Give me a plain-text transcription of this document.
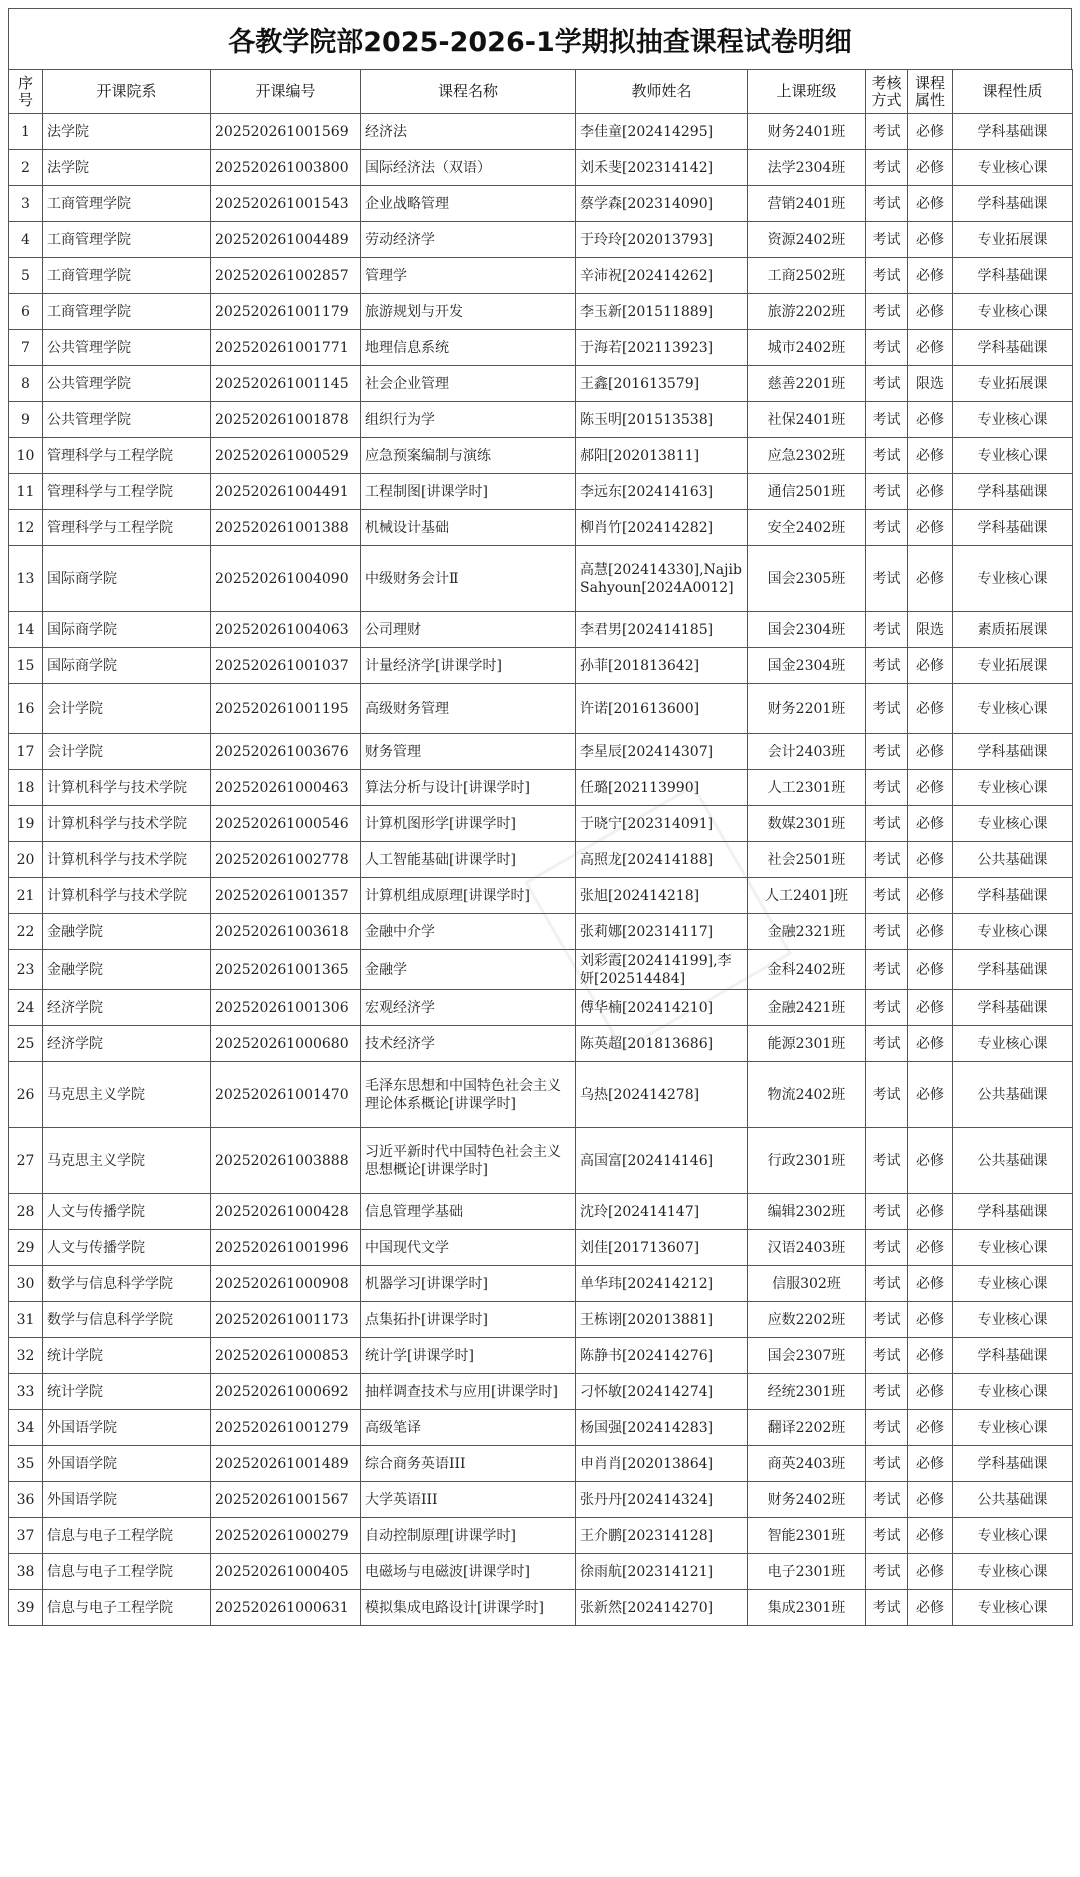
各教学院部2025-2026-1学期拟抽查课程试卷明细
序号	开课院系	开课编号	课程名称	教师姓名	上课班级	考核方式	课程属性	课程性质
1	法学院	202520261001569	经济法	李佳童[202414295]	财务2401班	考试	必修	学科基础课
2	法学院	202520261003800	国际经济法（双语）	刘禾斐[202314142]	法学2304班	考试	必修	专业核心课
3	工商管理学院	202520261001543	企业战略管理	蔡学森[202314090]	营销2401班	考试	必修	学科基础课
4	工商管理学院	202520261004489	劳动经济学	于玲玲[202013793]	资源2402班	考试	必修	专业拓展课
5	工商管理学院	202520261002857	管理学	辛沛祝[202414262]	工商2502班	考试	必修	学科基础课
6	工商管理学院	202520261001179	旅游规划与开发	李玉新[201511889]	旅游2202班	考试	必修	专业核心课
7	公共管理学院	202520261001771	地理信息系统	于海若[202113923]	城市2402班	考试	必修	学科基础课
8	公共管理学院	202520261001145	社会企业管理	王鑫[201613579]	慈善2201班	考试	限选	专业拓展课
9	公共管理学院	202520261001878	组织行为学	陈玉明[201513538]	社保2401班	考试	必修	专业核心课
10	管理科学与工程学院	202520261000529	应急预案编制与演练	郝阳[202013811]	应急2302班	考试	必修	专业核心课
11	管理科学与工程学院	202520261004491	工程制图[讲课学时]	李远东[202414163]	通信2501班	考试	必修	学科基础课
12	管理科学与工程学院	202520261001388	机械设计基础	柳肖竹[202414282]	安全2402班	考试	必修	学科基础课
13	国际商学院	202520261004090	中级财务会计Ⅱ	高慧[202414330],Najib Sahyoun[2024A0012]	国会2305班	考试	必修	专业核心课
14	国际商学院	202520261004063	公司理财	李君男[202414185]	国会2304班	考试	限选	素质拓展课
15	国际商学院	202520261001037	计量经济学[讲课学时]	孙菲[201813642]	国金2304班	考试	必修	专业拓展课
16	会计学院	202520261001195	高级财务管理	许诺[201613600]	财务2201班	考试	必修	专业核心课
17	会计学院	202520261003676	财务管理	李星辰[202414307]	会计2403班	考试	必修	学科基础课
18	计算机科学与技术学院	202520261000463	算法分析与设计[讲课学时]	任璐[202113990]	人工2301班	考试	必修	专业核心课
19	计算机科学与技术学院	202520261000546	计算机图形学[讲课学时]	于晓宁[202314091]	数媒2301班	考试	必修	专业核心课
20	计算机科学与技术学院	202520261002778	人工智能基础[讲课学时]	高照龙[202414188]	社会2501班	考试	必修	公共基础课
21	计算机科学与技术学院	202520261001357	计算机组成原理[讲课学时]	张旭[202414218]	人工2401]班	考试	必修	学科基础课
22	金融学院	202520261003618	金融中介学	张莉娜[202314117]	金融2321班	考试	必修	专业核心课
23	金融学院	202520261001365	金融学	刘彩霞[202414199],李妍[202514484]	金科2402班	考试	必修	学科基础课
24	经济学院	202520261001306	宏观经济学	傅华楠[202414210]	金融2421班	考试	必修	学科基础课
25	经济学院	202520261000680	技术经济学	陈英超[201813686]	能源2301班	考试	必修	专业核心课
26	马克思主义学院	202520261001470	毛泽东思想和中国特色社会主义理论体系概论[讲课学时]	乌热[202414278]	物流2402班	考试	必修	公共基础课
27	马克思主义学院	202520261003888	习近平新时代中国特色社会主义思想概论[讲课学时]	高国富[202414146]	行政2301班	考试	必修	公共基础课
28	人文与传播学院	202520261000428	信息管理学基础	沈玲[202414147]	编辑2302班	考试	必修	学科基础课
29	人文与传播学院	202520261001996	中国现代文学	刘佳[201713607]	汉语2403班	考试	必修	专业核心课
30	数学与信息科学学院	202520261000908	机器学习[讲课学时]	单华玮[202414212]	信服302班	考试	必修	专业核心课
31	数学与信息科学学院	202520261001173	点集拓扑[讲课学时]	王栋诩[202013881]	应数2202班	考试	必修	专业核心课
32	统计学院	202520261000853	统计学[讲课学时]	陈静书[202414276]	国会2307班	考试	必修	学科基础课
33	统计学院	202520261000692	抽样调查技术与应用[讲课学时]	刁怀敏[202414274]	经统2301班	考试	必修	专业核心课
34	外国语学院	202520261001279	高级笔译	杨国强[202414283]	翻译2202班	考试	必修	专业核心课
35	外国语学院	202520261001489	综合商务英语III	申肖肖[202013864]	商英2403班	考试	必修	学科基础课
36	外国语学院	202520261001567	大学英语III	张丹丹[202414324]	财务2402班	考试	必修	公共基础课
37	信息与电子工程学院	202520261000279	自动控制原理[讲课学时]	王介鹏[202314128]	智能2301班	考试	必修	专业核心课
38	信息与电子工程学院	202520261000405	电磁场与电磁波[讲课学时]	徐雨航[202314121]	电子2301班	考试	必修	专业核心课
39	信息与电子工程学院	202520261000631	模拟集成电路设计[讲课学时]	张新然[202414270]	集成2301班	考试	必修	专业核心课
